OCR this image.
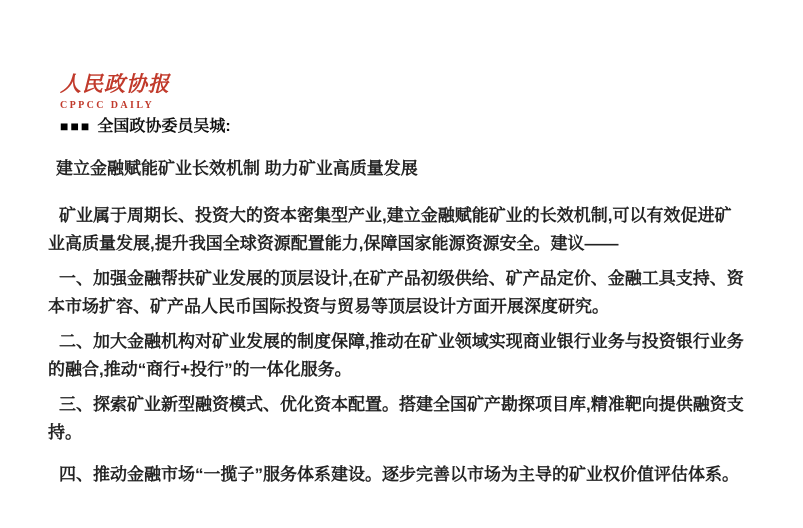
人民政协报
CPPCC DAILY
■■■ 全国政协委员吴城:
建立金融赋能矿业长效机制 助力矿业高质量发展

矿业属于周期长、投资大的资本密集型产业,建立金融赋能矿业的长效机制,可以有效促进矿业高质量发展,提升我国全球资源配置能力,保障国家能源资源安全。建议——

一、加强金融帮扶矿业发展的顶层设计,在矿产品初级供给、矿产品定价、金融工具支持、资本市场扩容、矿产品人民币国际投资与贸易等顶层设计方面开展深度研究。

二、加大金融机构对矿业发展的制度保障,推动在矿业领域实现商业银行业务与投资银行业务的融合,推动“商行+投行”的一体化服务。

三、探索矿业新型融资模式、优化资本配置。搭建全国矿产勘探项目库,精准靶向提供融资支持。

四、推动金融市场“一揽子”服务体系建设。逐步完善以市场为主导的矿业权价值评估体系。
